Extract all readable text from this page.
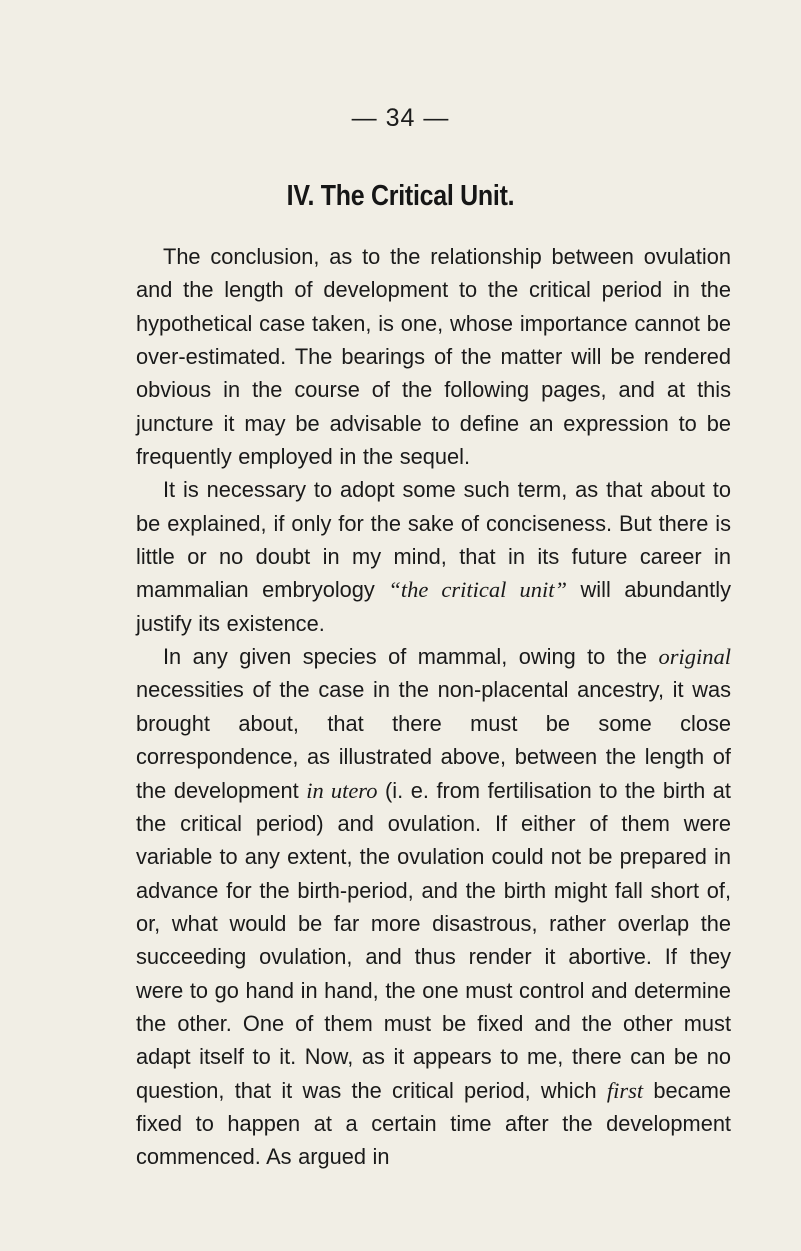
— 34 —
IV. The Critical Unit.

The conclusion, as to the relationship between ovulation and the length of development to the critical period in the hypothetical case taken, is one, whose importance cannot be over-estimated. The bearings of the matter will be rendered obvious in the course of the following pages, and at this juncture it may be advisable to define an expression to be frequently employed in the sequel.

It is necessary to adopt some such term, as that about to be explained, if only for the sake of conciseness. But there is little or no doubt in my mind, that in its future career in mammalian embryology “the critical unit” will abundantly justify its existence.

In any given species of mammal, owing to the original necessities of the case in the non-placental ancestry, it was brought about, that there must be some close correspondence, as illustrated above, between the length of the development in utero (i. e. from fertilisation to the birth at the critical period) and ovulation. If either of them were variable to any extent, the ovulation could not be prepared in advance for the birth-period, and the birth might fall short of, or, what would be far more disastrous, rather overlap the succeeding ovulation, and thus render it abortive. If they were to go hand in hand, the one must control and determine the other. One of them must be fixed and the other must adapt itself to it. Now, as it appears to me, there can be no question, that it was the critical period, which first became fixed to happen at a certain time after the development commenced. As argued in
